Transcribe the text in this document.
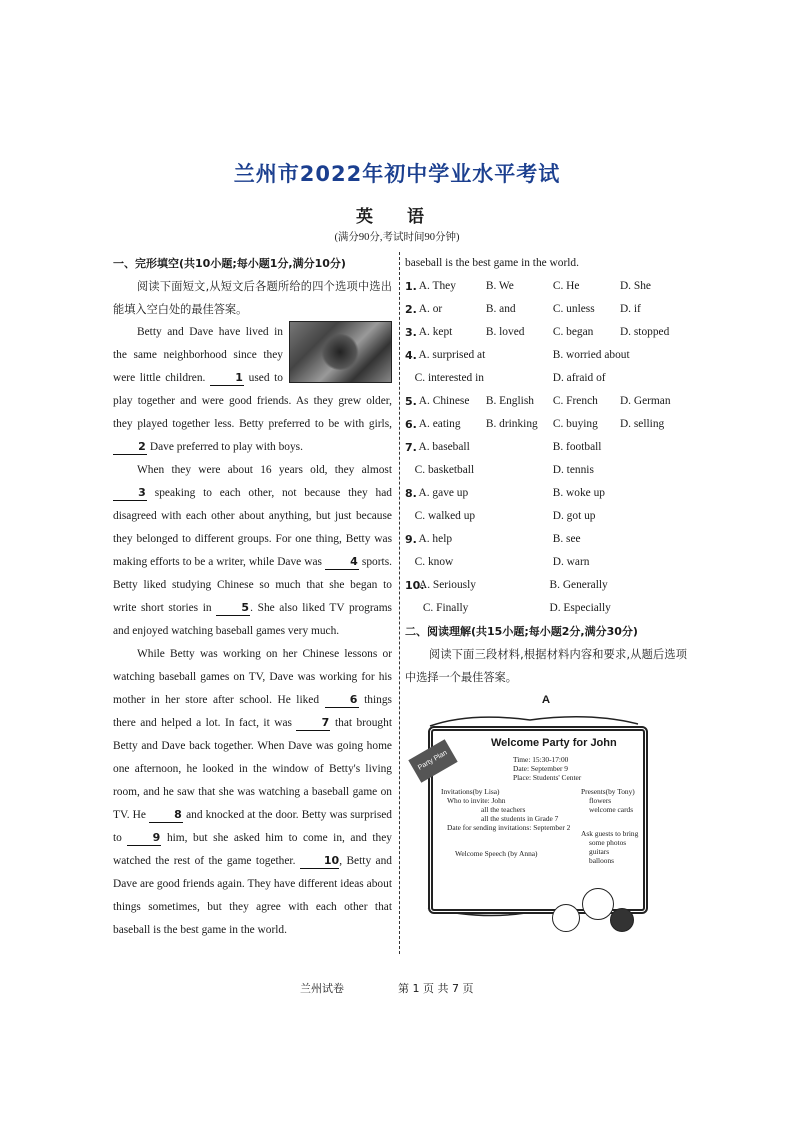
兰州市2022年初中学业水平考试
英 语
(满分90分,考试时间90分钟)
一、完形填空(共10小题;每小题1分,满分10分)
阅读下面短文,从短文后各题所给的四个选项中选出能填入空白处的最佳答案。
Betty and Dave have lived in the same neighborhood since they were little children. 1 used to play together and were good friends. As they grew older, they played together less. Betty preferred to be with girls, 2 Dave preferred to play with boys.
When they were about 16 years old, they almost 3 speaking to each other, not because they had disagreed with each other about anything, but just because they belonged to different groups. For one thing, Betty was making efforts to be a writer, while Dave was 4 sports. Betty liked studying Chinese so much that she began to write short stories in 5. She also liked TV programs and enjoyed watching baseball games very much.
While Betty was working on her Chinese lessons or watching baseball games on TV, Dave was working for his mother in her store after school. He liked 6 things there and helped a lot. In fact, it was 7 that brought Betty and Dave back together. When Dave was going home one afternoon, he looked in the window of Betty's living room, and he saw that she was watching a baseball game on TV. He 8 and knocked at the door. Betty was surprised to 9 him, but she asked him to come in, and they watched the rest of the game together. 10, Betty and Dave are good friends again. They have different ideas about things sometimes, but they agree with each other that baseball is the best game in the world.
baseball is the best game in the world.
1. A. They	B. We	C. He	D. She
2. A. or	B. and	C. unless	D. if
3. A. kept	B. loved	C. began	D. stopped
4. A. surprised at	B. worried about
C. interested in	D. afraid of
5. A. Chinese	B. English	C. French	D. German
6. A. eating	B. drinking	C. buying	D. selling
7. A. baseball	B. football
C. basketball	D. tennis
8. A. gave up	B. woke up
C. walked up	D. got up
9. A. help	B. see
C. know	D. warn
10.
A. Seriously	B. Generally
C. Finally	D. Especially
二、阅读理解(共15小题;每小题2分,满分30分)
阅读下面三段材料,根据材料内容和要求,从题后选项中选择一个最佳答案。
A
Welcome Party for John
Time: 15:30-17:00
Date: September 9
Place: Students' Center
Invitations(by Lisa)
Who to invite: John
all the teachers
all the students in Grade 7
Date for sending invitations: September 2
Welcome Speech (by Anna)
Presents(by Tony)
flowers
welcome cards
Ask guests to bring
some photos
guitars
balloons
Party Plan
兰州试卷	第 1 页 共 7 页
